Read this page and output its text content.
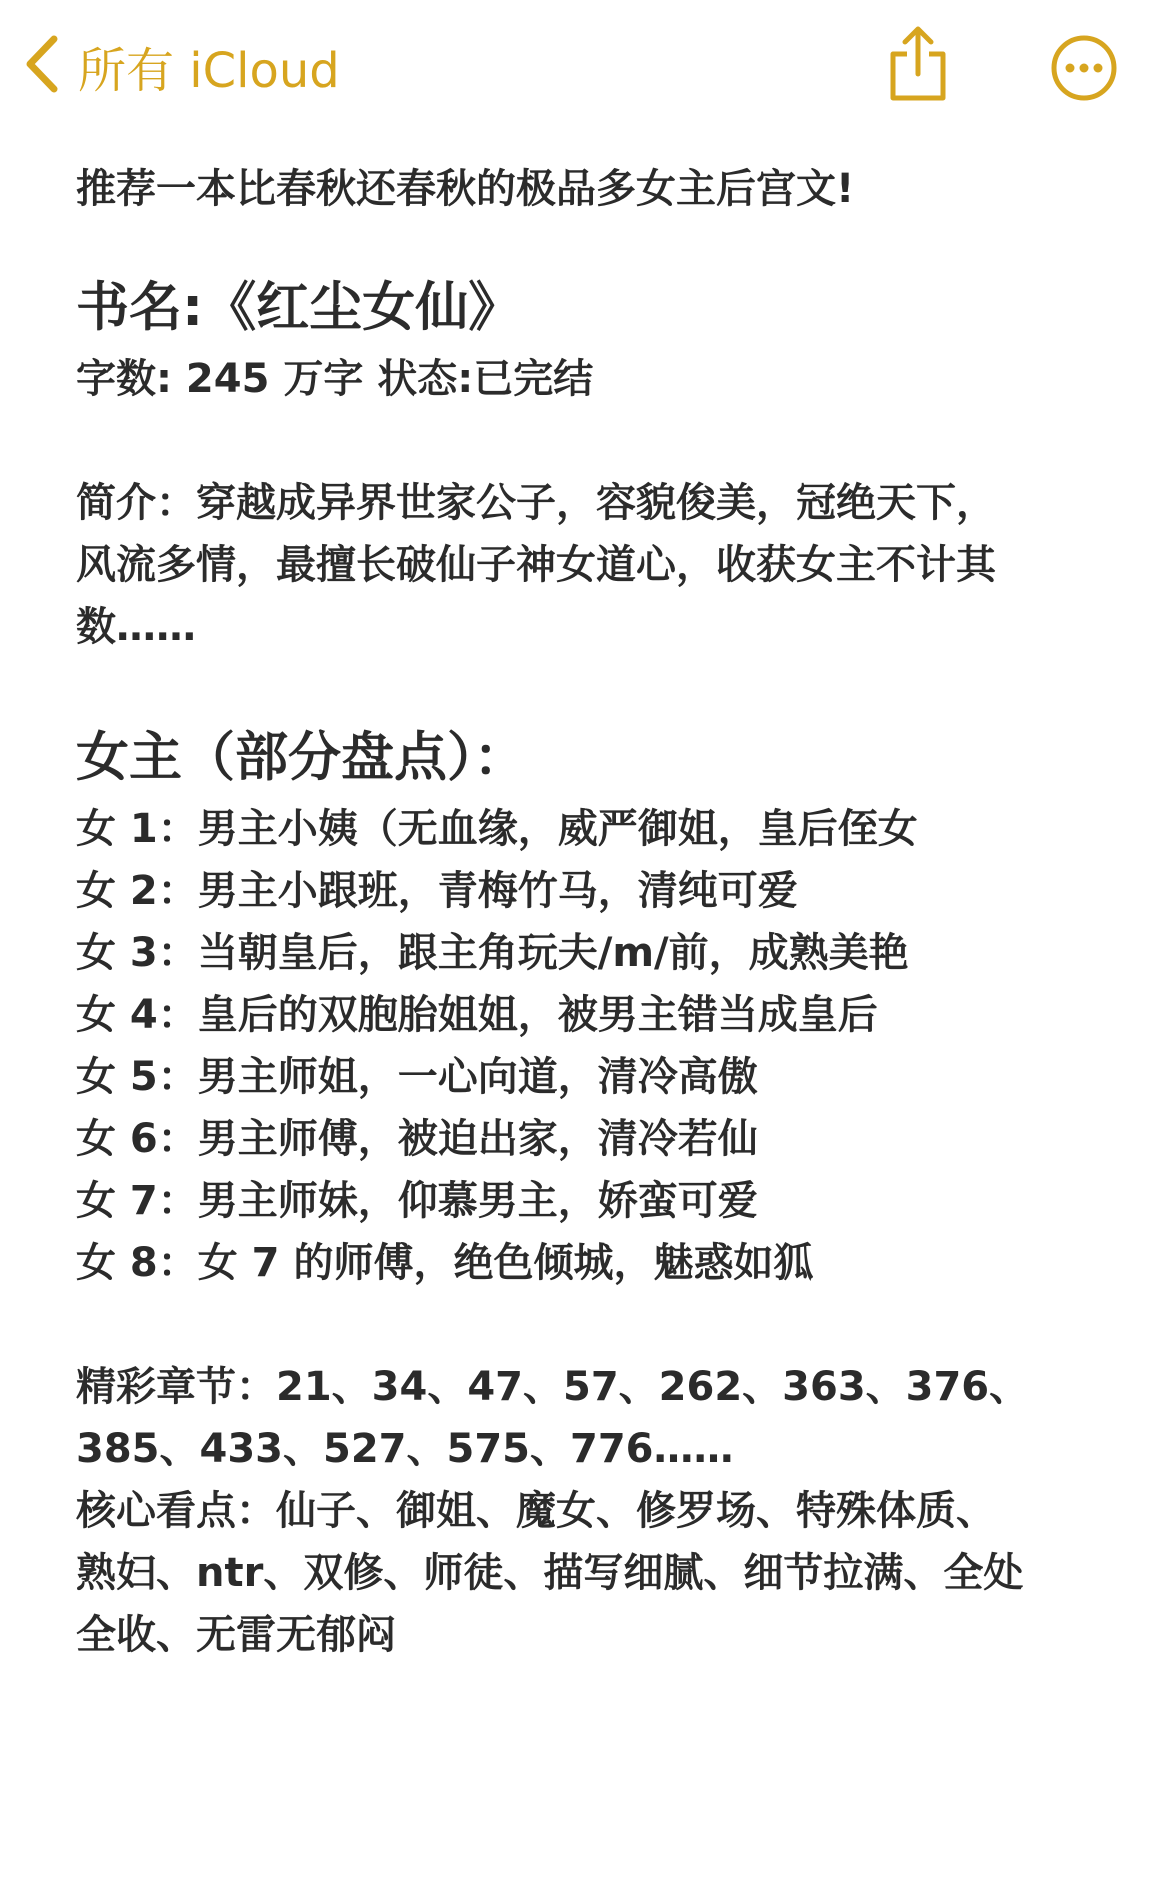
所有 iCloud
推荐一本比春秋还春秋的极品多女主后宫文!
书名:《红尘女仙》
字数: 245 万字 状态:已完结
简介：穿越成异界世家公子，容貌俊美，冠绝天下，
风流多情，最擅长破仙子神女道心，收获女主不计其
数……
女主（部分盘点）：
女 1：男主小姨（无血缘，威严御姐，皇后侄女
女 2：男主小跟班，青梅竹马，清纯可爱
女 3：当朝皇后，跟主角玩夫/m/前，成熟美艳
女 4：皇后的双胞胎姐姐，被男主错当成皇后
女 5：男主师姐，一心向道，清冷高傲
女 6：男主师傅，被迫出家，清冷若仙
女 7：男主师妹，仰慕男主，娇蛮可爱
女 8：女 7 的师傅，绝色倾城，魅惑如狐
精彩章节：21、34、47、57、262、363、376、
385、433、527、575、776……
核心看点：仙子、御姐、魔女、修罗场、特殊体质、
熟妇、ntr、双修、师徒、描写细腻、细节拉满、全处
全收、无雷无郁闷
